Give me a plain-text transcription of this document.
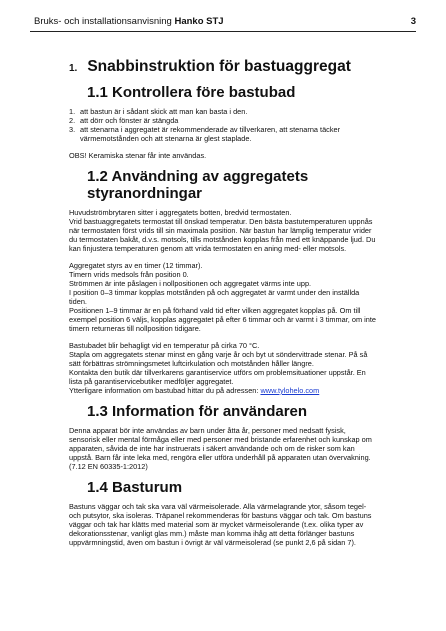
Bruks- och installationsanvisning Hanko STJ	3
1. Snabbinstruktion för bastuaggregat
1.1 Kontrollera före bastubad
1. att bastun är i sådant skick att man kan basta i den.
2. att dörr och fönster är stängda
3. att stenarna i aggregatet är rekommenderade av tillverkaren, att stenarna täcker
värmemotstånden och att stenarna är glest staplade.
OBS! Keramiska stenar får inte användas.
1.2 Användning av aggregatets styranordningar
Huvudströmbrytaren sitter i aggregatets botten, bredvid termostaten.
Vrid bastuaggregatets termostat till önskad temperatur. Den bästa bastutemperaturen uppnås
när termostaten först vrids till sin maximala position. När bastun har lämplig temperatur vrider
du termostaten bakåt, d.v.s. motsols, tills motstånden kopplas från med ett knäppande ljud. Du
kan finjustera temperaturen genom att vrida termostaten en aning med- eller motsols.
Aggregatet styrs av en timer (12 timmar).
Timern vrids medsols från position 0.
Strömmen är inte påslagen i nollpositionen och aggregatet värms inte upp.
I position 0–3 timmar kopplas motstånden på och aggregatet är varmt under den inställda
tiden.
Positionen 1–9 timmar är en på förhand vald tid efter vilken aggregatet kopplas på. Om till
exempel position 6 väljs, kopplas aggregatet på efter 6 timmar och är varmt i 3 timmar, om inte
timern returneras till nollposition tidigare.
Bastubadet blir behagligt vid en temperatur på cirka 70 °C.
Stapla om aggregatets stenar minst en gång varje år och byt ut söndervittrade stenar. På så
sätt förbättras strömningsmetet luftcirkulation och motstånden håller längre.
Kontakta den butik där tillverkarens garantiservice utförs om problemsituationer uppstår. En
lista på garantiservicebutiker medföljer aggregatet.
Ytterligare information om bastubad hittar du på adressen: www.tylohelo.com
1.3 Information för användaren
Denna apparat bör inte användas av barn under åtta år, personer med nedsatt fysisk,
sensorisk eller mental förmåga eller med personer med bristande erfarenhet och kunskap om
apparaten, såvida de inte har instruerats i säkert användande och om de risker som kan
uppstå. Barn får inte leka med, rengöra eller utföra underhåll på apparaten utan övervakning.
(7.12 EN 60335-1:2012)
1.4 Basturum
Bastuns väggar och tak ska vara väl värmeisolerade. Alla värmelagrande ytor, såsom tegel-
och putsytor, ska isoleras. Träpanel rekommenderas för bastuns väggar och tak. Om bastuns
väggar och tak har klätts med material som är mycket värmeisolerande (t.ex. olika typer av
dekorationsstenar, vanligt glas mm.) måste man komma ihåg att detta förlänger bastuns
uppvärmningstid, även om bastun i övrigt är väl värmeisolerad (se punkt 2,6 på sidan 7).
